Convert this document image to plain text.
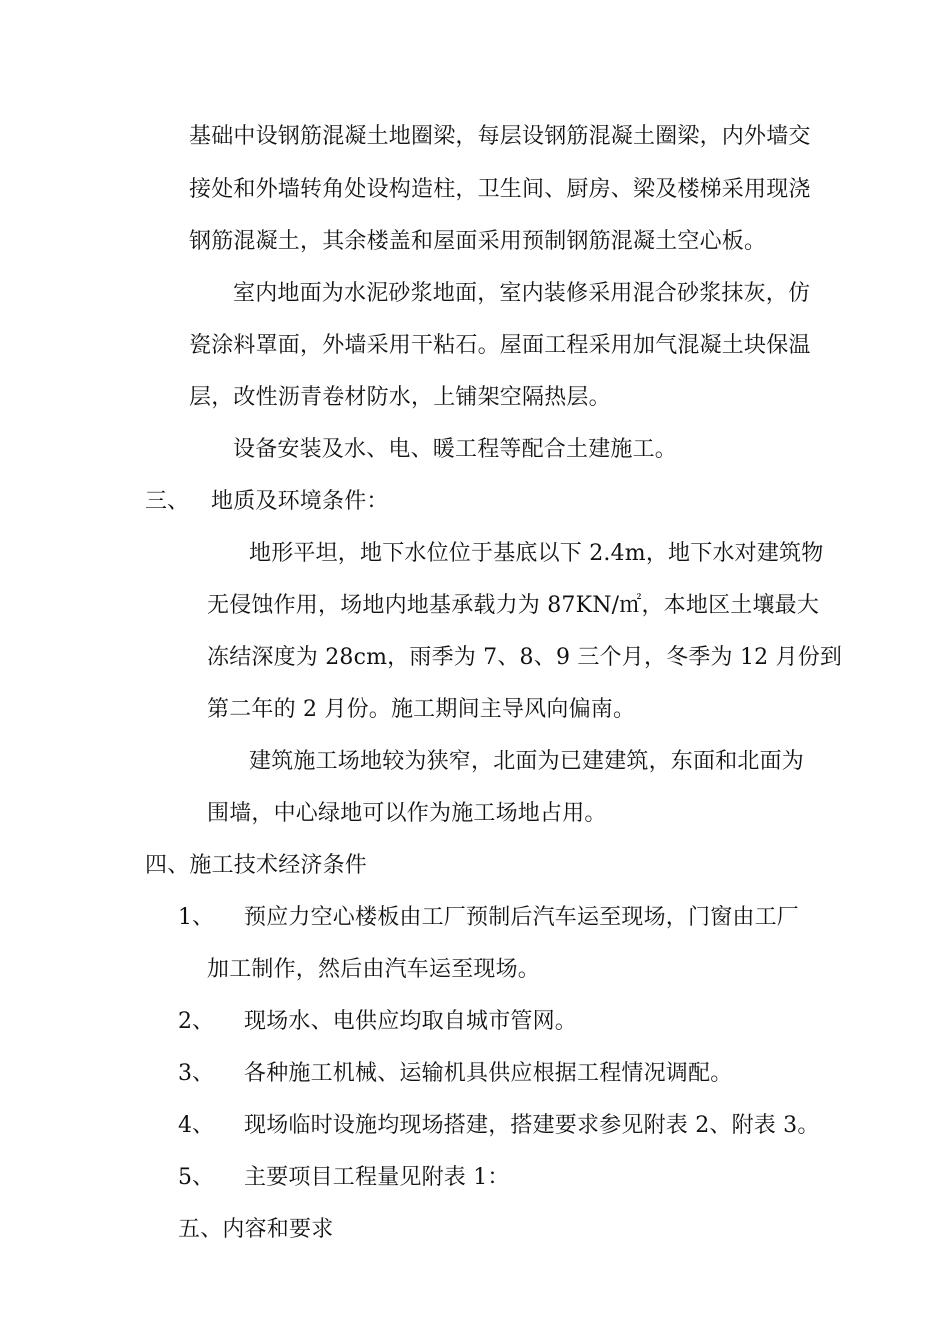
基础中设钢筋混凝土地圈梁，每层设钢筋混凝土圈梁，内外墙交
接处和外墙转角处设构造柱，卫生间、厨房、梁及楼梯采用现浇
钢筋混凝土，其余楼盖和屋面采用预制钢筋混凝土空心板。
室内地面为水泥砂浆地面，室内装修采用混合砂浆抹灰，仿
瓷涂料罩面，外墙采用干粘石。屋面工程采用加气混凝土块保温
层，改性沥青卷材防水，上铺架空隔热层。
设备安装及水、电、暖工程等配合土建施工。
三、 地质及环境条件：
地形平坦，地下水位位于基底以下 2.4m，地下水对建筑物
无侵蚀作用，场地内地基承载力为 87KN/㎡，本地区土壤最大
冻结深度为 28cm，雨季为 7、8、9 三个月，冬季为 12 月份到
第二年的 2 月份。施工期间主导风向偏南。
建筑施工场地较为狭窄，北面为已建建筑，东面和北面为
围墙，中心绿地可以作为施工场地占用。
四、施工技术经济条件
1、 预应力空心楼板由工厂预制后汽车运至现场，门窗由工厂
加工制作，然后由汽车运至现场。
2、 现场水、电供应均取自城市管网。
3、 各种施工机械、运输机具供应根据工程情况调配。
4、 现场临时设施均现场搭建，搭建要求参见附表 2、附表 3。
5、 主要项目工程量见附表 1：
五、内容和要求
